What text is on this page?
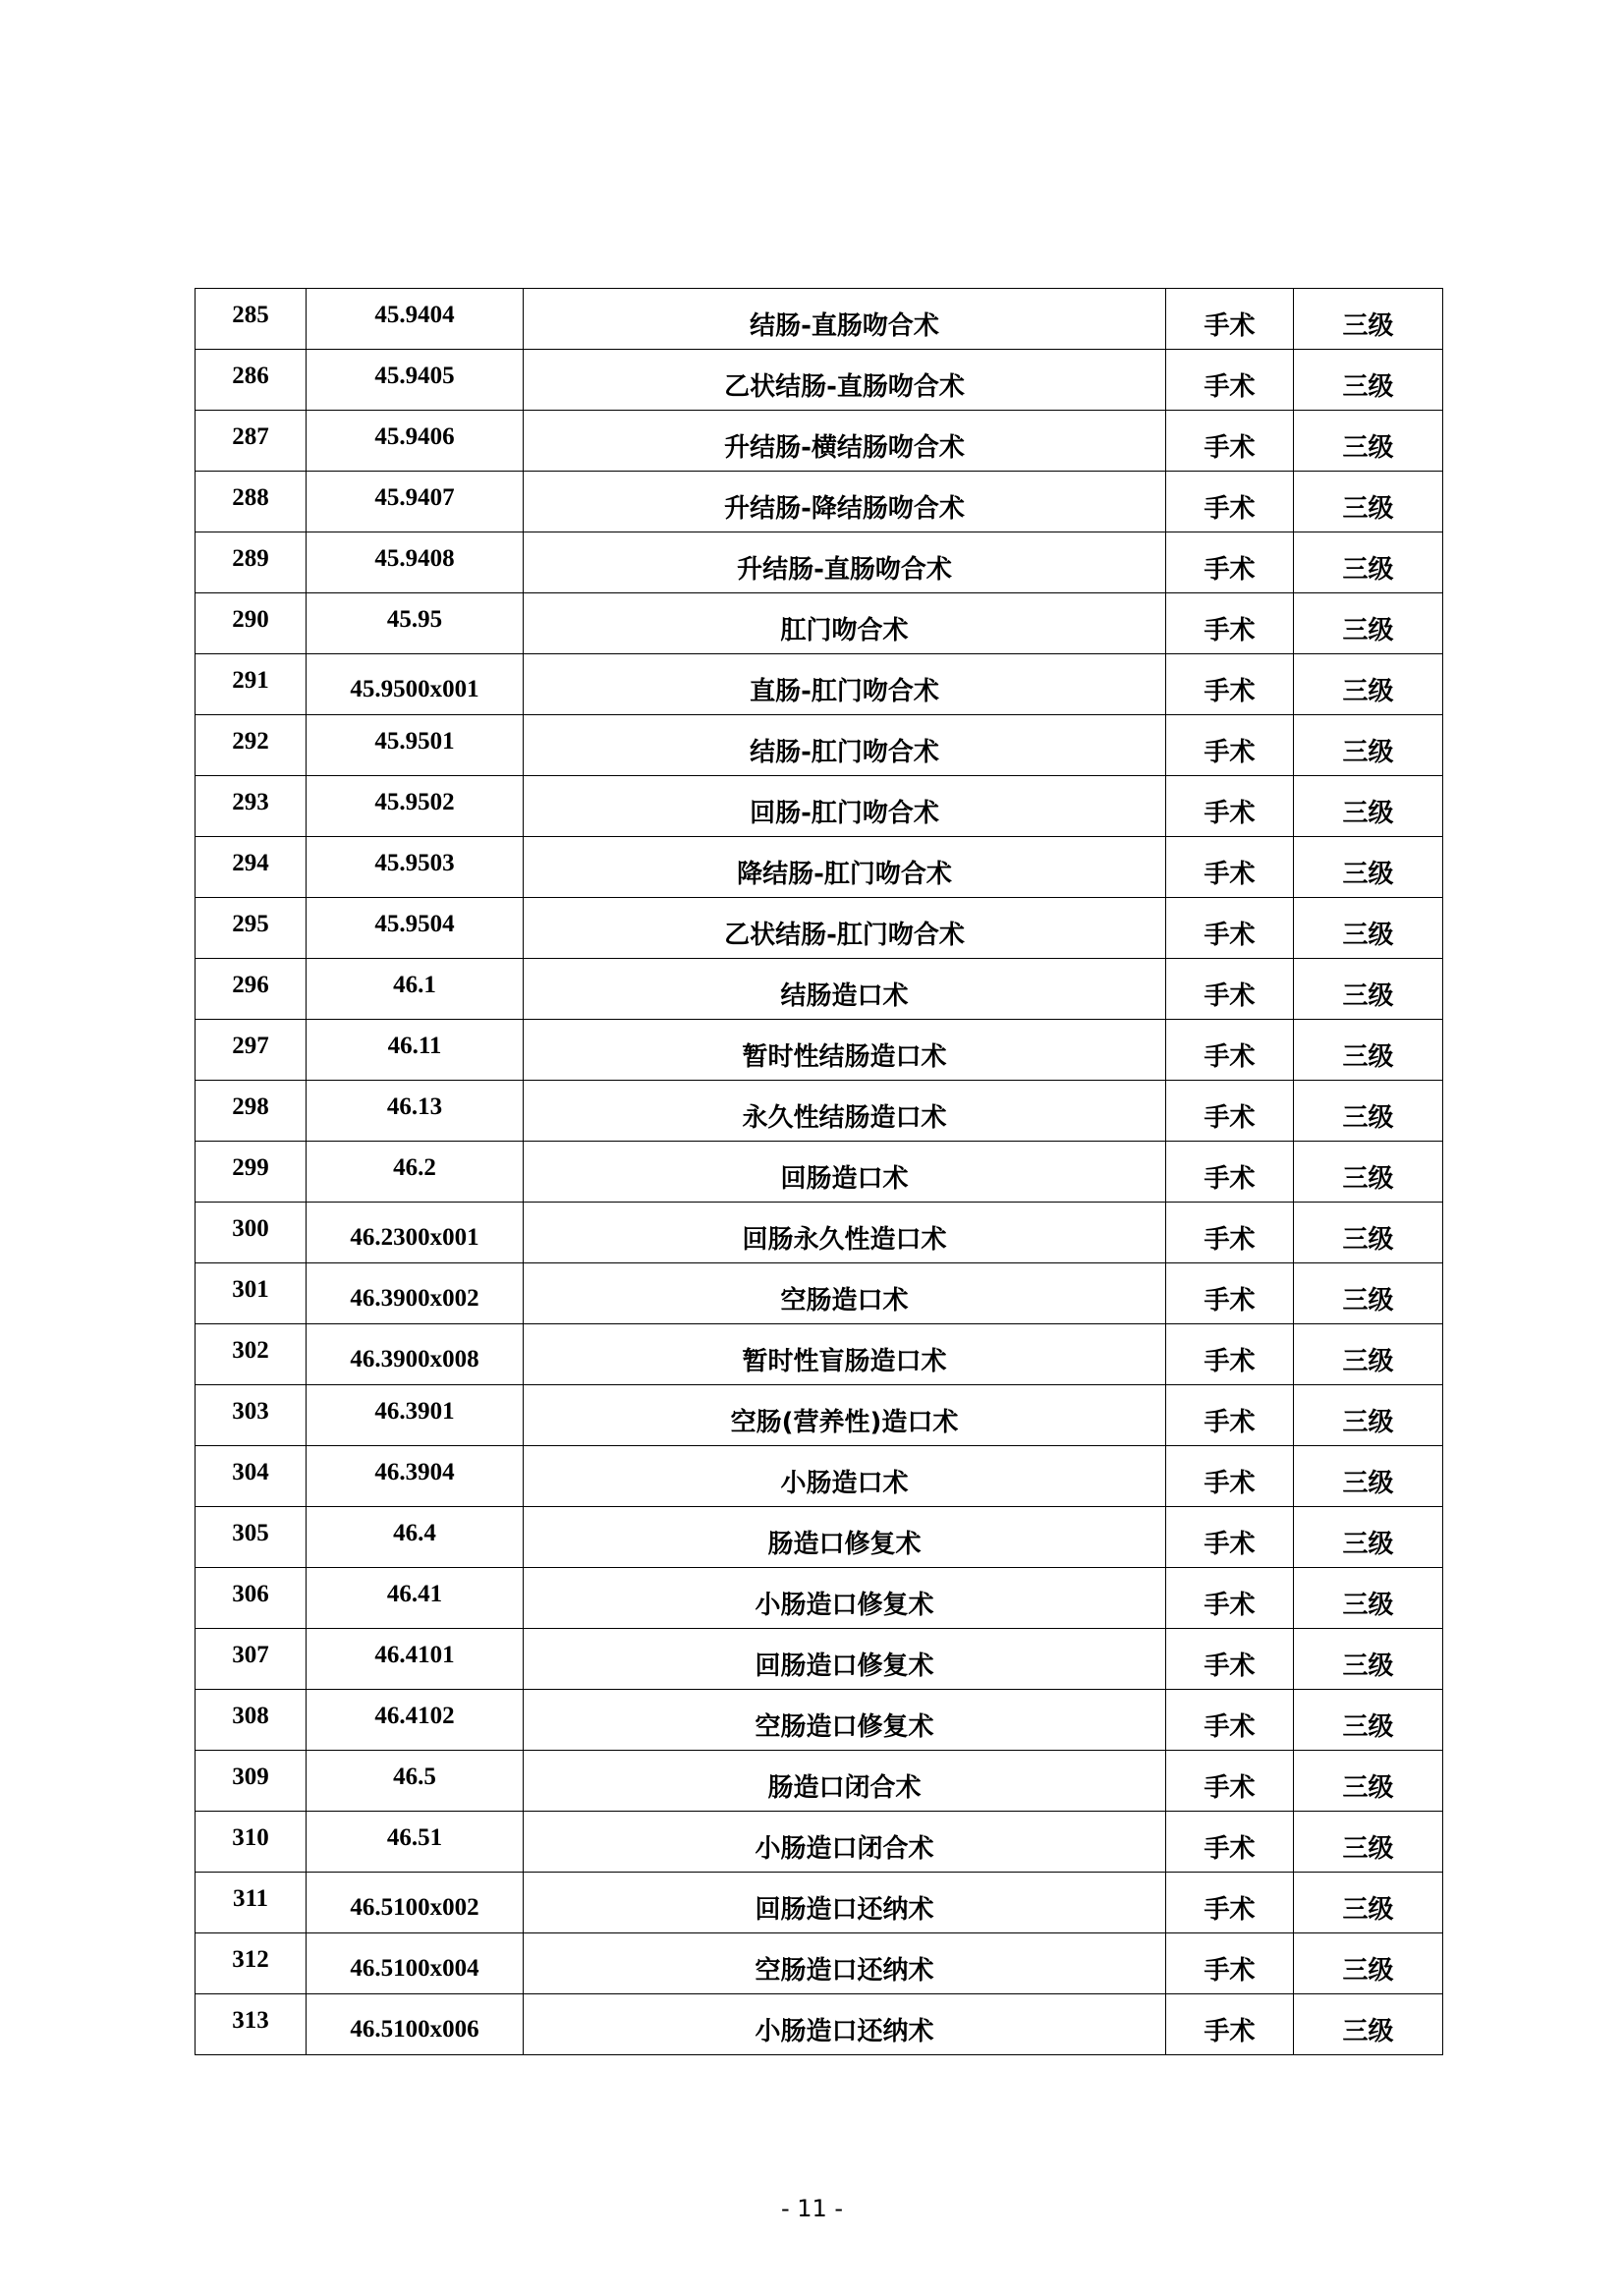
285	45.9404	结肠-直肠吻合术	手术	三级
286	45.9405	乙状结肠-直肠吻合术	手术	三级
287	45.9406	升结肠-横结肠吻合术	手术	三级
288	45.9407	升结肠-降结肠吻合术	手术	三级
289	45.9408	升结肠-直肠吻合术	手术	三级
290	45.95	肛门吻合术	手术	三级
291	45.9500x001	直肠-肛门吻合术	手术	三级
292	45.9501	结肠-肛门吻合术	手术	三级
293	45.9502	回肠-肛门吻合术	手术	三级
294	45.9503	降结肠-肛门吻合术	手术	三级
295	45.9504	乙状结肠-肛门吻合术	手术	三级
296	46.1	结肠造口术	手术	三级
297	46.11	暂时性结肠造口术	手术	三级
298	46.13	永久性结肠造口术	手术	三级
299	46.2	回肠造口术	手术	三级
300	46.2300x001	回肠永久性造口术	手术	三级
301	46.3900x002	空肠造口术	手术	三级
302	46.3900x008	暂时性盲肠造口术	手术	三级
303	46.3901	空肠(营养性)造口术	手术	三级
304	46.3904	小肠造口术	手术	三级
305	46.4	肠造口修复术	手术	三级
306	46.41	小肠造口修复术	手术	三级
307	46.4101	回肠造口修复术	手术	三级
308	46.4102	空肠造口修复术	手术	三级
309	46.5	肠造口闭合术	手术	三级
310	46.51	小肠造口闭合术	手术	三级
311	46.5100x002	回肠造口还纳术	手术	三级
312	46.5100x004	空肠造口还纳术	手术	三级
313	46.5100x006	小肠造口还纳术	手术	三级
- 11 -
